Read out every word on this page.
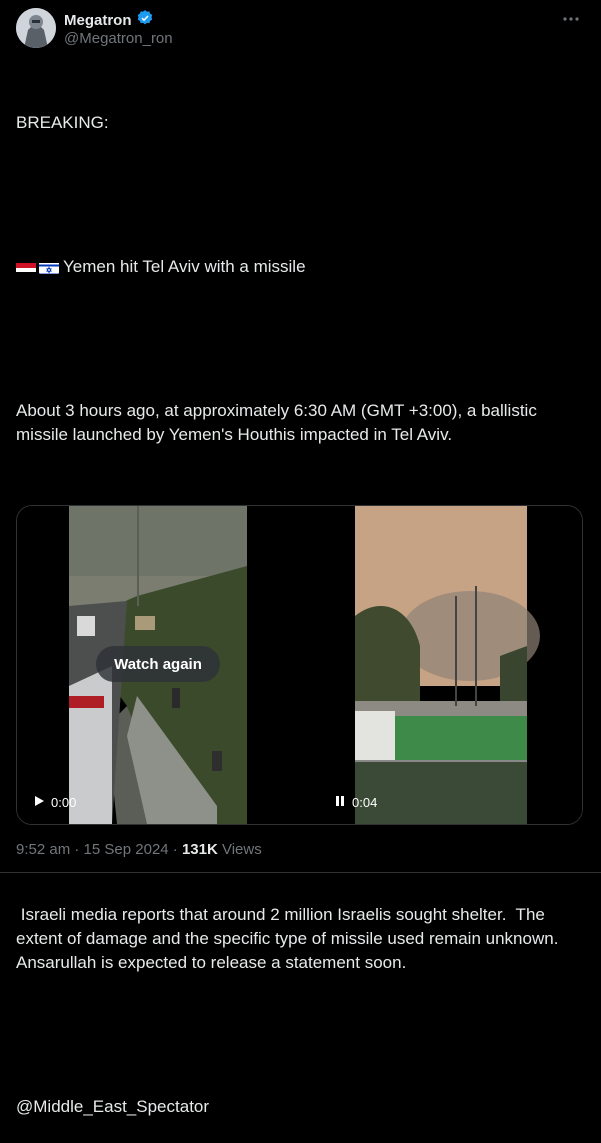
Megatron
@Megatron_ron

BREAKING:

Yemen hit Tel Aviv with a missile

About 3 hours ago, at approximately 6:30 AM (GMT +3:00), a ballistic missile launched by Yemen's Houthis impacted in Tel Aviv.

Israeli media reports that around 2 million Israelis sought shelter.  The extent of damage and the specific type of missile used remain unknown. Ansarullah is expected to release a statement soon.

@Middle_East_Spectator

Watch again
0:00	0:04
9:52 am · 15 Sep 2024 · 131K Views
